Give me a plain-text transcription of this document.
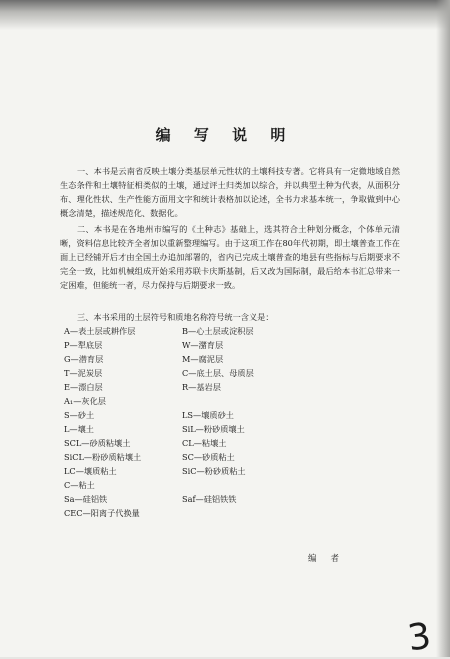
编 写 说 明

一、本书是云南省反映土壤分类基层单元性状的土壤科技专著。它将具有一定微地域自然生态条件和土壤特征相类似的土壤，通过评土归类加以综合，并以典型土种为代表，从面积分布、理化性状、生产性能方面用文字和统计表格加以论述，全书力求基本统一，争取做到中心概念清楚，描述规范化、数据化。

二、本书是在各地州市编写的《土种志》基础上，选其符合土种划分概念，个体单元清晰，资料信息比较齐全者加以重新整理编写。由于这项工作在80年代初期，即土壤普查工作在面上已经铺开后才由全国土办追加部署的，省内已完成土壤普查的地县有些指标与后期要求不完全一致，比如机械组成开始采用苏联卡庆斯基制，后又改为国际制，最后给本书汇总带来一定困难，但能统一者，尽力保持与后期要求一致。

三、本书采用的土层符号和质地名称符号统一含义是：

A—表土层或耕作层
P—犁底层
G—潜育层
T—泥炭层
E—漂白层
A₁—灰化层
B—心土层或淀积层
W—潴育层
M—腐泥层
C—底土层、母质层
R—基岩层
S—砂土
L—壤土
SCL—砂质粘壤土
SiCL—粉砂质粘壤土
LC—壤质粘土
C—粘土
Sa—硅铝铁
CEC—阳离子代换量
LS—壤质砂土
SiL—粉砂质壤土
CL—粘壤土
SC—砂质粘土
SiC—粉砂质粘土
Saf—硅铝铁铁
编者
3
